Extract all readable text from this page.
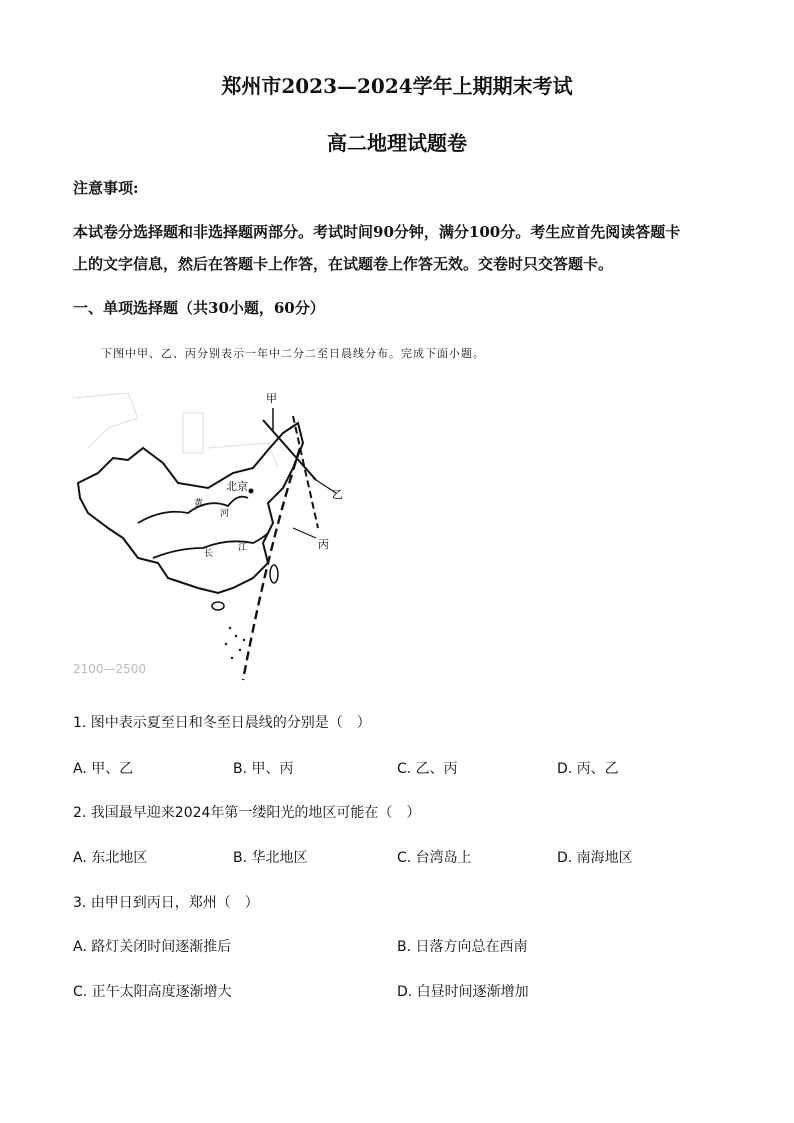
郑州市2023—2024学年上期期末考试
高二地理试题卷
注意事项:
本试卷分选择题和非选择题两部分。考试时间90分钟，满分100分。考生应首先阅读答题卡
上的文字信息，然后在答题卡上作答，在试题卷上作答无效。交卷时只交答题卡。
一、单项选择题（共30小题，60分）
下图中甲、乙、丙分别表示一年中二分二至日晨线分布。完成下面小题。
甲
乙
丙
北京
黄
河
长
江
2100—2500
1. 图中表示夏至日和冬至日晨线的分别是（　）
A. 甲、乙	B. 甲、丙	C. 乙、丙	D. 丙、乙
2. 我国最早迎来2024年第一缕阳光的地区可能在（　）
A. 东北地区	B. 华北地区	C. 台湾岛上	D. 南海地区
3. 由甲日到丙日，郑州（　）
A. 路灯关闭时间逐渐推后	B. 日落方向总在西南
C. 正午太阳高度逐渐增大	D. 白昼时间逐渐增加
